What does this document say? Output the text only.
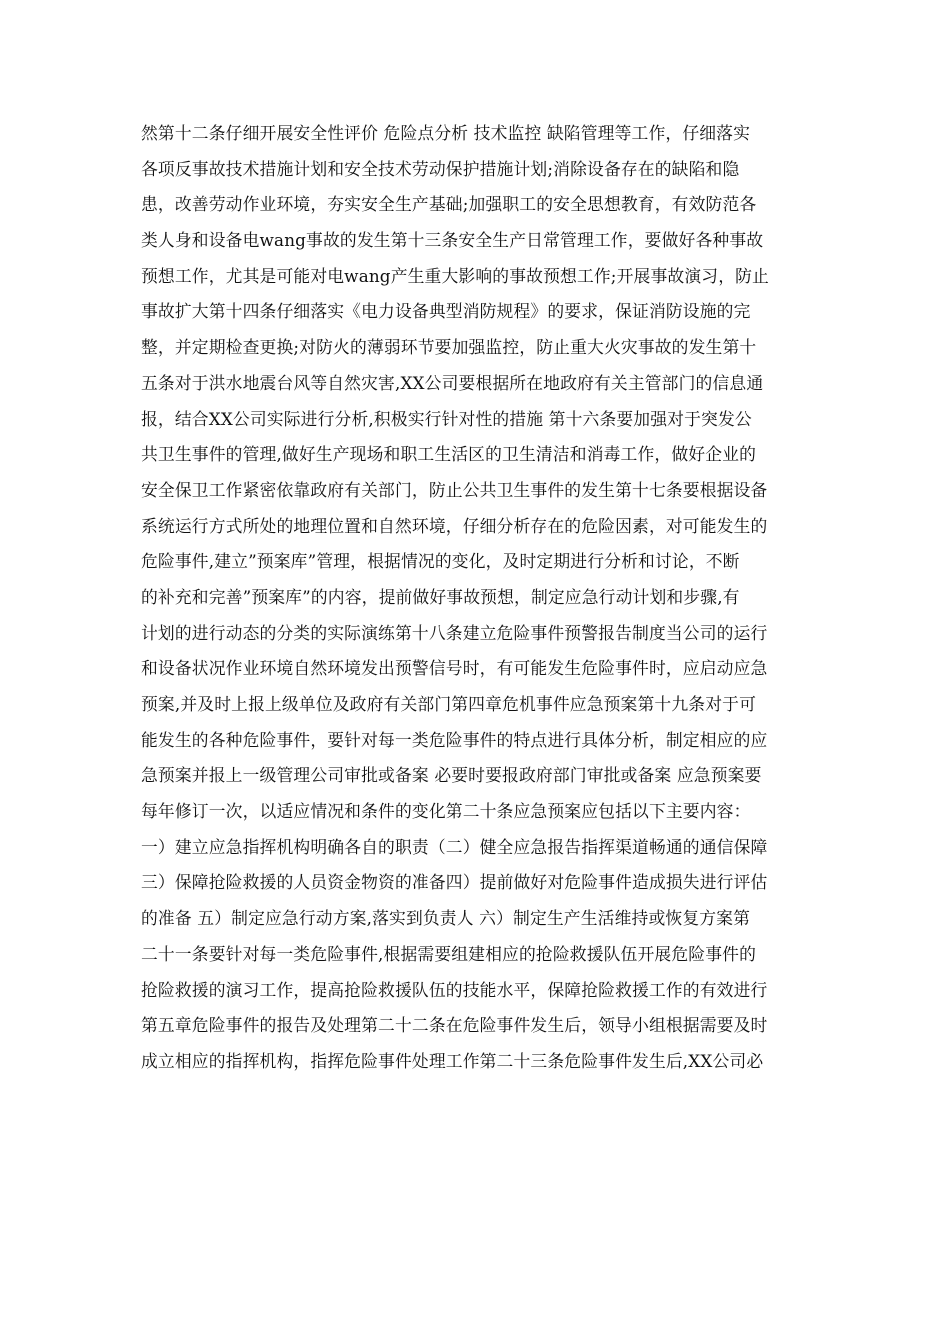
然第十二条仔细开展安全性评价 危险点分析 技术监控 缺陷管理等工作，仔细落实
各项反事故技术措施计划和安全技术劳动保护措施计划;消除设备存在的缺陷和隐
患，改善劳动作业环境，夯实安全生产基础;加强职工的安全思想教育，有效防范各
类人身和设备电wang事故的发生第十三条安全生产日常管理工作，要做好各种事故
预想工作，尤其是可能对电wang产生重大影响的事故预想工作;开展事故演习，防止
事故扩大第十四条仔细落实《电力设备典型消防规程》的要求，保证消防设施的完
整，并定期检查更换;对防火的薄弱环节要加强监控，防止重大火灾事故的发生第十
五条对于洪水地震台风等自然灾害,XX公司要根据所在地政府有关主管部门的信息通
报，结合XX公司实际进行分析,积极实行针对性的措施 第十六条要加强对于突发公
共卫生事件的管理,做好生产现场和职工生活区的卫生清洁和消毒工作，做好企业的
安全保卫工作紧密依靠政府有关部门，防止公共卫生事件的发生第十七条要根据设备
系统运行方式所处的地理位置和自然环境，仔细分析存在的危险因素，对可能发生的
危险事件,建立”预案库”管理，根据情况的变化，及时定期进行分析和讨论，不断
的补充和完善”预案库”的内容，提前做好事故预想，制定应急行动计划和步骤,有
计划的进行动态的分类的实际演练第十八条建立危险事件预警报告制度当公司的运行
和设备状况作业环境自然环境发出预警信号时，有可能发生危险事件时，应启动应急
预案,并及时上报上级单位及政府有关部门第四章危机事件应急预案第十九条对于可
能发生的各种危险事件，要针对每一类危险事件的特点进行具体分析，制定相应的应
急预案并报上一级管理公司审批或备案 必要时要报政府部门审批或备案 应急预案要
每年修订一次，以适应情况和条件的变化第二十条应急预案应包括以下主要内容：
一）建立应急指挥机构明确各自的职责（二）健全应急报告指挥渠道畅通的通信保障
三）保障抢险救援的人员资金物资的准备四）提前做好对危险事件造成损失进行评估
的准备 五）制定应急行动方案,落实到负责人 六）制定生产生活维持或恢复方案第
二十一条要针对每一类危险事件,根据需要组建相应的抢险救援队伍开展危险事件的
抢险救援的演习工作，提高抢险救援队伍的技能水平，保障抢险救援工作的有效进行
第五章危险事件的报告及处理第二十二条在危险事件发生后，领导小组根据需要及时
成立相应的指挥机构，指挥危险事件处理工作第二十三条危险事件发生后,XX公司必
